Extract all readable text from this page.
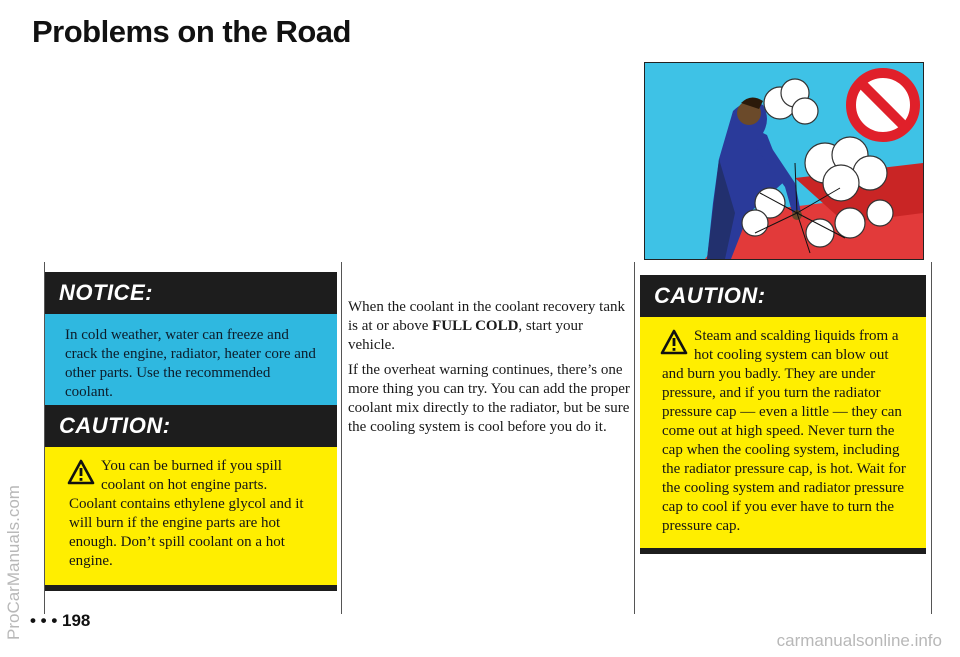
Problems on the Road
ProCarManuals.com
NOTICE:
In cold weather, water can freeze and crack the engine, radiator, heater core and other parts. Use the recommended coolant.
CAUTION:
You can be burned if you spill coolant on hot engine parts. Coolant contains ethylene glycol and it will burn if the engine parts are hot enough. Don’t spill coolant on a hot engine.

When the coolant in the coolant recovery tank is at or above FULL COLD, start your vehicle.

If the overheat warning continues, there’s one more thing you can try. You can add the proper coolant mix directly to the radiator, but be sure the cooling system is cool before you do it.

CAUTION:
Steam and scalding liquids from a hot cooling system can blow out and burn you badly. They are under pressure, and if you turn the radiator pressure cap — even a little — they can come out at high speed. Never turn the cap when the cooling system, including the radiator pressure cap, is hot. Wait for the cooling system and radiator pressure cap to cool if you ever have to turn the pressure cap.
• • • 198
carmanualsonline.info
